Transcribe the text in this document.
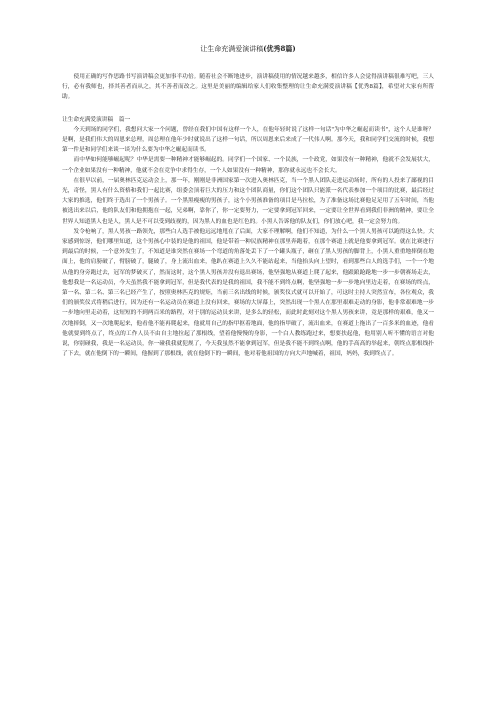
让生命充满爱演讲稿(优秀8篇)

使用正确的写作思路书写演讲稿会更加事半功倍。随着社会不断地进步，演讲稿使用的情况越来越多，相信许多人会觉得演讲稿很难写吧，三人行，必有我师也，择其善者而从之，其不善者而改之。这里是美丽的编辑给家人们收集整理的让生命充满爱演讲稿【优秀8篇】，希望对大家有所帮助。

让生命充满爱演讲稿　篇一

今天到场的同学们，我想问大家一个问题，曾经在我们中国有这样一个人，在他年轻时说了这样一句话"为中华之崛起而读书"，这个人是谁呀？是啊，是我们伟大的周恩来总理，周总理在他年少时就说出了这样一句话，所以周恩来后来成了一代伟人啊。那今天，我和同学们交流的时候，我想第一件是和同学们来谈一谈为什么要为中华之崛起而读书。

而中华如何能够崛起呢？中华是需要一种精神才能够崛起的。同学们一个国家、一个民族，一个政党，如果没有一种精神，他就不会发展状大，一个企业如果没有一种精神，他就不会在竞争中求得生存，一个人如果没有一种精神，那你就永远也不会长大。

在很早以前，一届奥林匹克运动会上，那一年，刚刚是非洲国家第一次进入奥林匹克，当一个黑人团队走进运动场时，所有的人投来了鄙视的目光，奇怪，黑人有什么资格和我们一起比赛，组委会顶着巨大的压力和这个团队商量，你们这个团队只能派一名代表参加一个项目的比赛，最后经过大家的推选，他们终于选出了一个男孩子。一个黑黑瘦瘦的男孩子，这个小男孩准备的项目是马拉松，为了准备这场比赛他足足用了五年时间，当他被选出来以后，他的队友们和他拥抱在一起，兄弟啊，靠你了，你一定要努力，一定要拿到冠军回来，一定要让全世界看到我们非洲的精神，要让全世界人知道黑人也是人，黑人是不可以受到歧视的，因为黑人的血也是红色的。小黑人告诉他的队友们，你们放心吧，我一定会努力的。

发令枪响了，黑人男孩一路领先，那些白人选手被他远远地甩在了后面，大家不理解啊，他们不知道，为什么一个黑人男孩可以跑得这么快。大家感到惊讶，他们哪里知道，这个男孩心中装的是他的祖国，他是带着一种民族精神在那里奔跑着，在那个赛道上就是他要拿到冠军。就在比赛进行到最后的时候，一个意外发生了，不知道是谁突然在赛场一个弯道的角落处丢下了一个罐头瓶子，砸在了黑人男孩的脚背上，小黑人重重地摔倒在地面上，他的肩膀破了，臂膀破了，腿破了，身上流出血来，他趴在赛道上久久不能站起来，当他抬头向上望时，看到那些白人的选手们，一个一个地从他的身旁跑过去，冠军的梦破灭了，然而这时，这个黑人男孩并没有退出赛场，他坚强地从赛道上爬了起来，他踉踉跄跄地一步一步朝赛场走去，他想我是一名运动员，今天虽然我不能拿到冠军，但是我代表的是我的祖国，我不能不到终点啊，他坚强地一步一步地向里边走着，在赛场的终点，第一名、第二名、第三名已经产生了，按照奥林匹克的规矩，当前三名出线的时候，颁奖仪式就可以开始了，可这时主持人突然宣布，各位观众，我们的颁奖仪式将稍后进行，因为还有一名运动员在赛道上没有回来，赛场的大屏幕上，突然出现一个黑人在那里艰难走动的身影，他非常艰难地一步一步地向里走动着，这短短的不到两百米的路程，对于别的运动员来讲，是多么的轻松，而此时此刻对这个黑人男孩来讲，竟是那样的艰难，他又一次地摔倒，又一次地爬起来，他看他不能再爬起来，他就用自己的指甲抠着地面，他的指甲破了，流出血来，在赛道上拖出了一百多米的血迹，他看他就要到终点了，终点的工作人员不由自主地拉起了那根线，望着他慢慢的身影，一个白人教练跑过来，想要扶起他，他用别人听不懂的语言对他说，你别碰我，我是一名运动员，你一碰我我就犯规了，今天我虽然不能拿到冠军，但是我不能不到终点啊，他的手高高的举起来，朝终点那根线扑了下去，就在他倒下的一瞬间，他握到了那根线，就在他倒下的一瞬间，他对着他祖国的方向大声地喊着，祖国，妈妈，我到终点了。
